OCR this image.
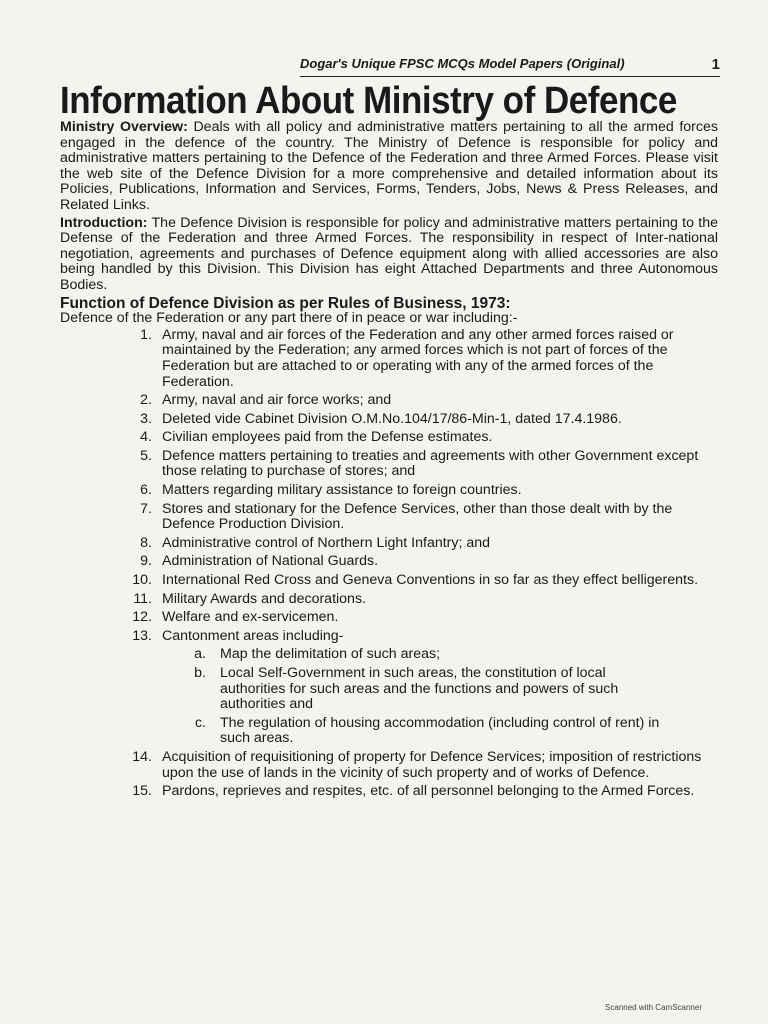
Dogar's Unique FPSC MCQs Model Papers (Original)	1
Information About Ministry of Defence

Ministry Overview: Deals with all policy and administrative matters pertaining to all the armed forces engaged in the defence of the country. The Ministry of Defence is responsible for policy and administrative matters pertaining to the Defence of the Federation and three Armed Forces. Please visit the web site of the Defence Division for a more comprehensive and detailed information about its Policies, Publications, Information and Services, Forms, Tenders, Jobs, News & Press Releases, and Related Links.

Introduction: The Defence Division is responsible for policy and administrative matters pertaining to the Defense of the Federation and three Armed Forces. The responsibility in respect of Inter-national negotiation, agreements and purchases of Defence equipment along with allied accessories are also being handled by this Division. This Division has eight Attached Departments and three Autonomous Bodies.

Function of Defence Division as per Rules of Business, 1973:
Defence of the Federation or any part there of in peace or war including:-
1. Army, naval and air forces of the Federation and any other armed forces raised or maintained by the Federation; any armed forces which is not part of forces of the Federation but are attached to or operating with any of the armed forces of the Federation.
2. Army, naval and air force works; and
3. Deleted vide Cabinet Division O.M.No.104/17/86-Min-1, dated 17.4.1986.
4. Civilian employees paid from the Defense estimates.
5. Defence matters pertaining to treaties and agreements with other Government except those relating to purchase of stores; and
6. Matters regarding military assistance to foreign countries.
7. Stores and stationary for the Defence Services, other than those dealt with by the Defence Production Division.
8. Administrative control of Northern Light Infantry; and
9. Administration of National Guards.
10. International Red Cross and Geneva Conventions in so far as they effect belligerents.
11. Military Awards and decorations.
12. Welfare and ex-servicemen.
13. Cantonment areas including-
a. Map the delimitation of such areas;
b. Local Self-Government in such areas, the constitution of local authorities for such areas and the functions and powers of such authorities and
c. The regulation of housing accommodation (including control of rent) in such areas.
14. Acquisition of requisitioning of property for Defence Services; imposition of restrictions upon the use of lands in the vicinity of such property and of works of Defence.
15. Pardons, reprieves and respites, etc. of all personnel belonging to the Armed Forces.
Scanned with CamScanner
